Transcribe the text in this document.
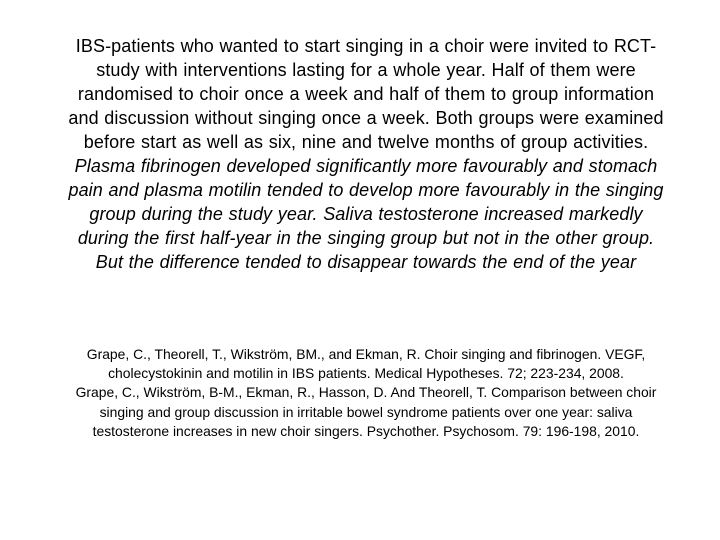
IBS-patients who wanted to start singing in a choir were invited to RCT-study with interventions lasting for a whole year. Half of them were randomised to choir once a week and half of them to group information and discussion without singing once a week. Both groups were examined before start as well as six, nine and twelve months of group activities.

Plasma fibrinogen developed significantly more favourably and stomach pain and plasma motilin tended to develop more favourably in the singing group during the study year. Saliva testosterone increased markedly during the first half-year in the singing group but not in the other group. But the difference tended to disappear towards the end of the year

Grape, C., Theorell, T., Wikström, BM., and Ekman, R. Choir singing and fibrinogen. VEGF, cholecystokinin and motilin in IBS patients. Medical Hypotheses. 72; 223-234, 2008.

Grape, C., Wikström, B-M., Ekman, R., Hasson, D. And Theorell, T. Comparison between choir singing and group discussion in irritable bowel syndrome patients over one year: saliva testosterone increases in new choir singers. Psychother. Psychosom. 79: 196-198, 2010.
